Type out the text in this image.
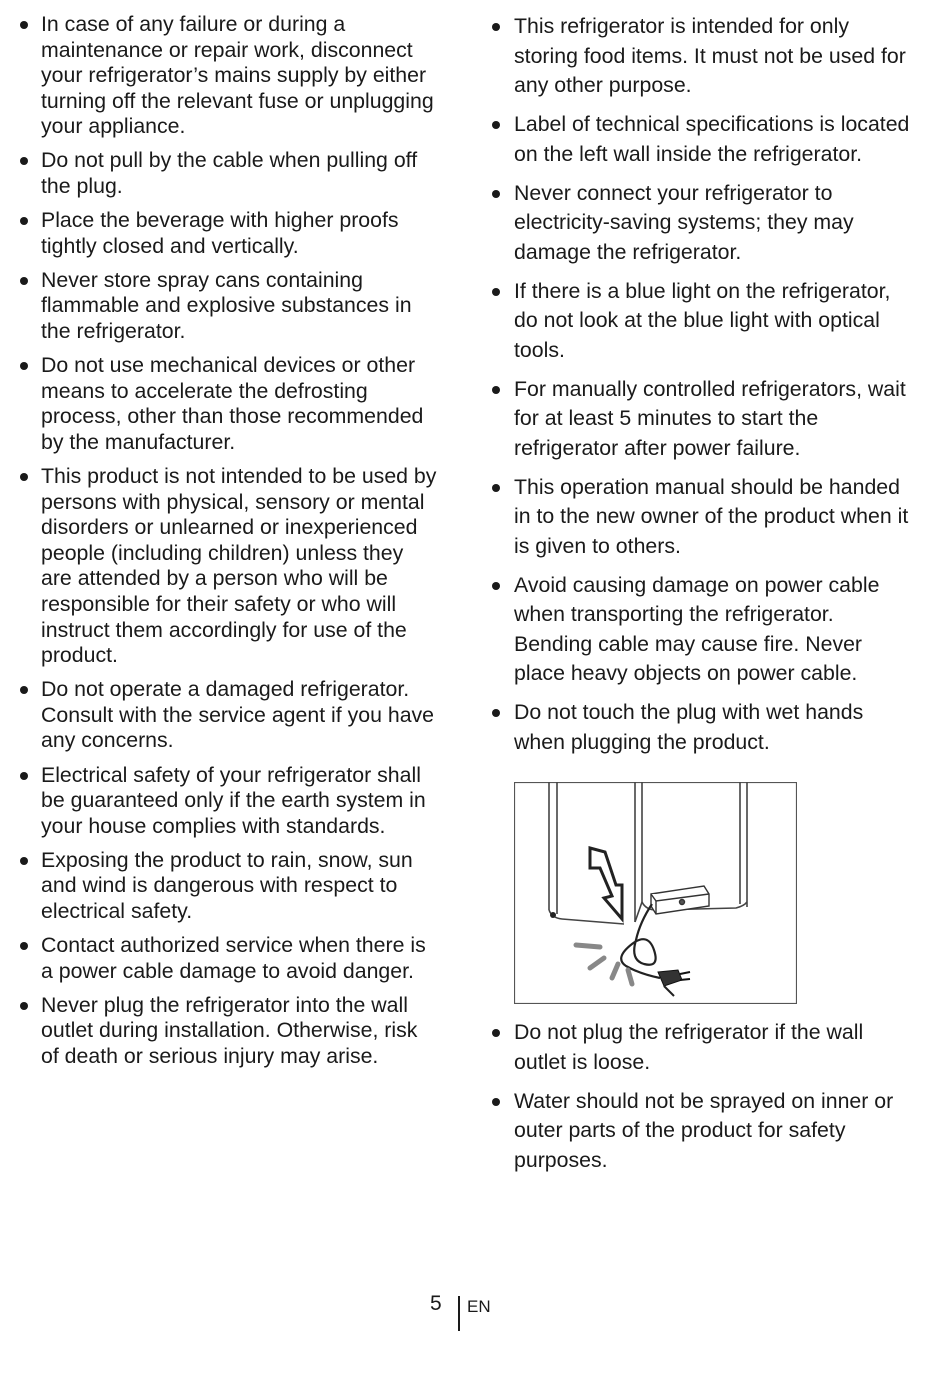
In case of any failure or during a maintenance or repair work, disconnect your refrigerator’s mains supply by either turning off the relevant fuse or unplugging your appliance.
Do not pull by the cable when pulling off the plug.
Place the beverage with higher proofs tightly closed and vertically.
Never store spray cans containing flammable and explosive substances in the refrigerator.
Do not use mechanical devices or other means to accelerate the defrosting process, other than those recommended by the manufacturer.
This product is not intended to be used by persons with physical, sensory or mental disorders or unlearned or inexperienced people (including children) unless they are attended by a person who will be responsible for their safety or who will instruct them accordingly for use of the product.
Do not operate a damaged refrigerator. Consult with the service agent if you have any concerns.
Electrical safety of your refrigerator shall be guaranteed only if the earth system in your house complies with standards.
Exposing the product to rain, snow, sun and wind is dangerous with respect to electrical safety.
Contact authorized service when there is a power cable damage to avoid danger.
Never plug the refrigerator into the wall outlet during installation. Otherwise, risk of death or serious injury may arise.
This refrigerator is intended for only storing food items. It must not be used for any other purpose.
Label of technical specifications is located on the left wall inside the refrigerator.
Never connect your refrigerator to electricity-saving systems; they may damage the refrigerator.
If there is a blue light on the refrigerator, do not look at the blue light with optical tools.
For manually controlled refrigerators, wait for at least 5 minutes to start the refrigerator after power failure.
This operation manual should be handed in to the new owner of the product when it is given to others.
Avoid causing damage on power cable when transporting the refrigerator. Bending cable may cause fire. Never place heavy objects on power cable.
Do not touch the plug with wet hands when plugging the product.
Do not plug the refrigerator if the wall outlet is loose.
Water should not be sprayed on inner or outer parts of the product for safety purposes.
5 EN
